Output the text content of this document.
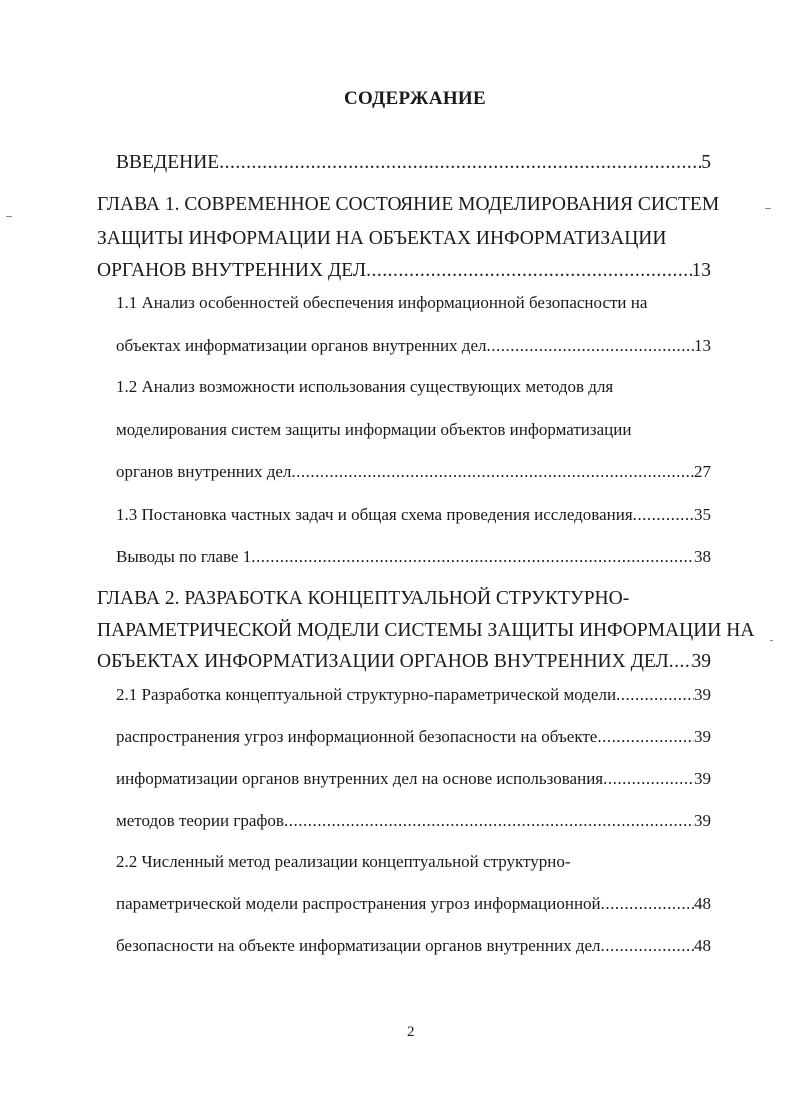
СОДЕРЖАНИЕ
ВВЕДЕНИЕ .....	5
ГЛАВА 1. СОВРЕМЕННОЕ СОСТОЯНИЕ МОДЕЛИРОВАНИЯ СИСТЕМ
ЗАЩИТЫ ИНФОРМАЦИИ НА ОБЪЕКТАХ ИНФОРМАТИЗАЦИИ
ОРГАНОВ ВНУТРЕННИХ ДЕЛ .....	13
1.1 Анализ особенностей обеспечения информационной безопасности на
объектах информатизации органов внутренних дел .....	13
1.2 Анализ возможности использования существующих методов для
моделирования систем защиты информации объектов информатизации
органов внутренних дел .....	27
1.3 Постановка частных задач и общая схема проведения исследования .....	35
Выводы по главе 1 .....	38
ГЛАВА 2. РАЗРАБОТКА КОНЦЕПТУАЛЬНОЙ СТРУКТУРНО-
ПАРАМЕТРИЧЕСКОЙ МОДЕЛИ СИСТЕМЫ ЗАЩИТЫ ИНФОРМАЦИИ НА
ОБЪЕКТАХ ИНФОРМАТИЗАЦИИ ОРГАНОВ ВНУТРЕННИХ ДЕЛ ..... 39
2.1 Разработка концептуальной структурно-параметрической модели .....	39
распространения угроз информационной безопасности на объекте .....	39
информатизации органов внутренних дел на основе использования .....	39
методов теории графов .....	39
2.2 Численный метод реализации концептуальной структурно-
параметрической модели распространения угроз информационной .....	48
безопасности на объекте информатизации органов внутренних дел .....	48
2
